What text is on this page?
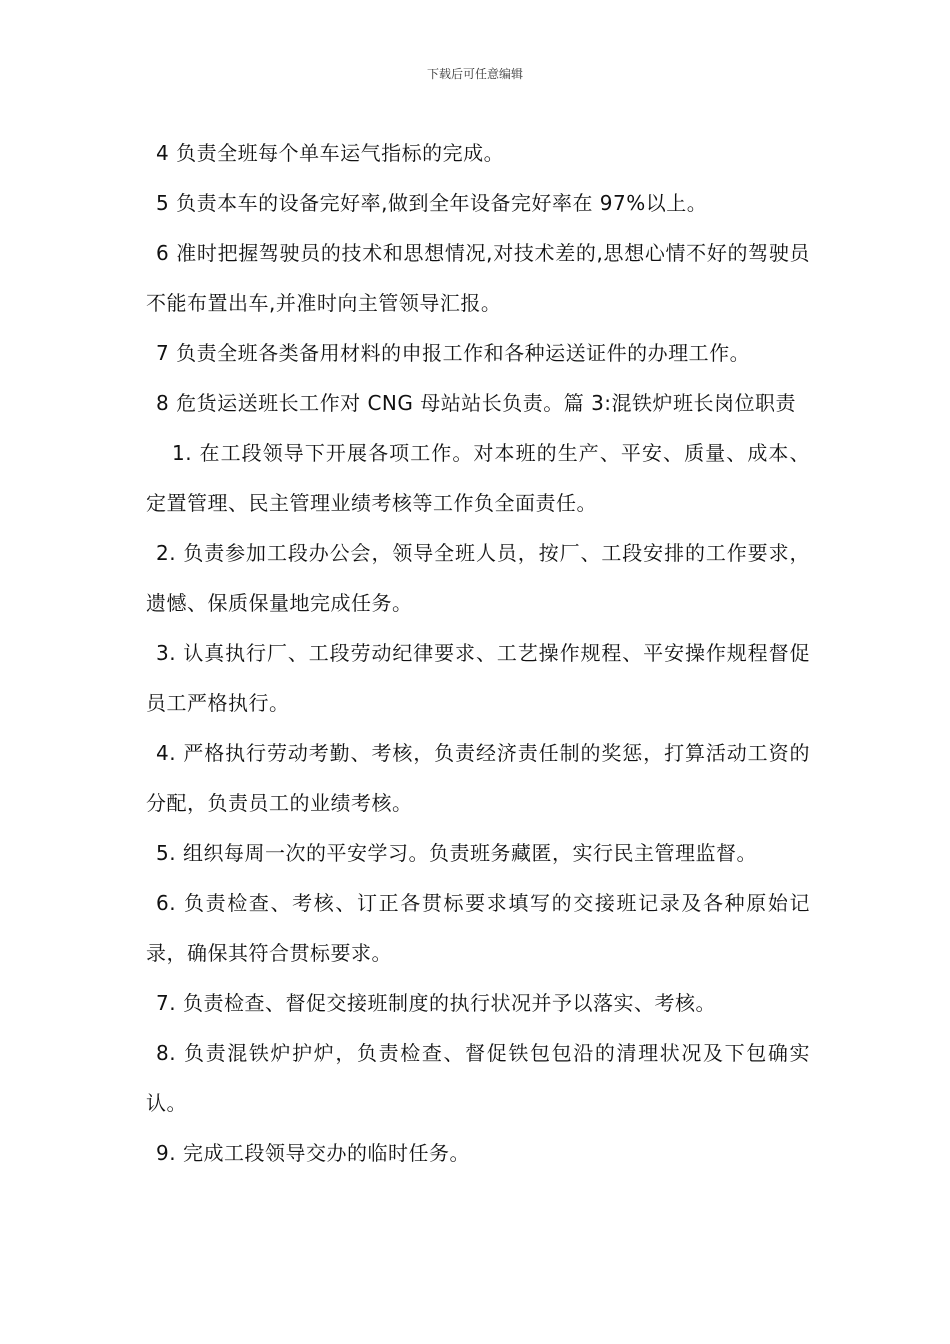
下载后可任意编辑

4 负责全班每个单车运气指标的完成。

5 负责本车的设备完好率,做到全年设备完好率在 97%以上。

6 准时把握驾驶员的技术和思想情况,对技术差的,思想心情不好的驾驶员不能布置出车,并准时向主管领导汇报。

7 负责全班各类备用材料的申报工作和各种运送证件的办理工作。

8 危货运送班长工作对 CNG 母站站长负责。篇 3:混铁炉班长岗位职责

1. 在工段领导下开展各项工作。对本班的生产、平安、质量、成本、定置管理、民主管理业绩考核等工作负全面责任。

2. 负责参加工段办公会，领导全班人员，按厂、工段安排的工作要求，遗憾、保质保量地完成任务。

3. 认真执行厂、工段劳动纪律要求、工艺操作规程、平安操作规程督促员工严格执行。

4. 严格执行劳动考勤、考核，负责经济责任制的奖惩，打算活动工资的分配，负责员工的业绩考核。

5. 组织每周一次的平安学习。负责班务藏匿，实行民主管理监督。

6. 负责检查、考核、订正各贯标要求填写的交接班记录及各种原始记录，确保其符合贯标要求。

7. 负责检查、督促交接班制度的执行状况并予以落实、考核。

8. 负责混铁炉护炉，负责检查、督促铁包包沿的清理状况及下包确实认。

9. 完成工段领导交办的临时任务。
